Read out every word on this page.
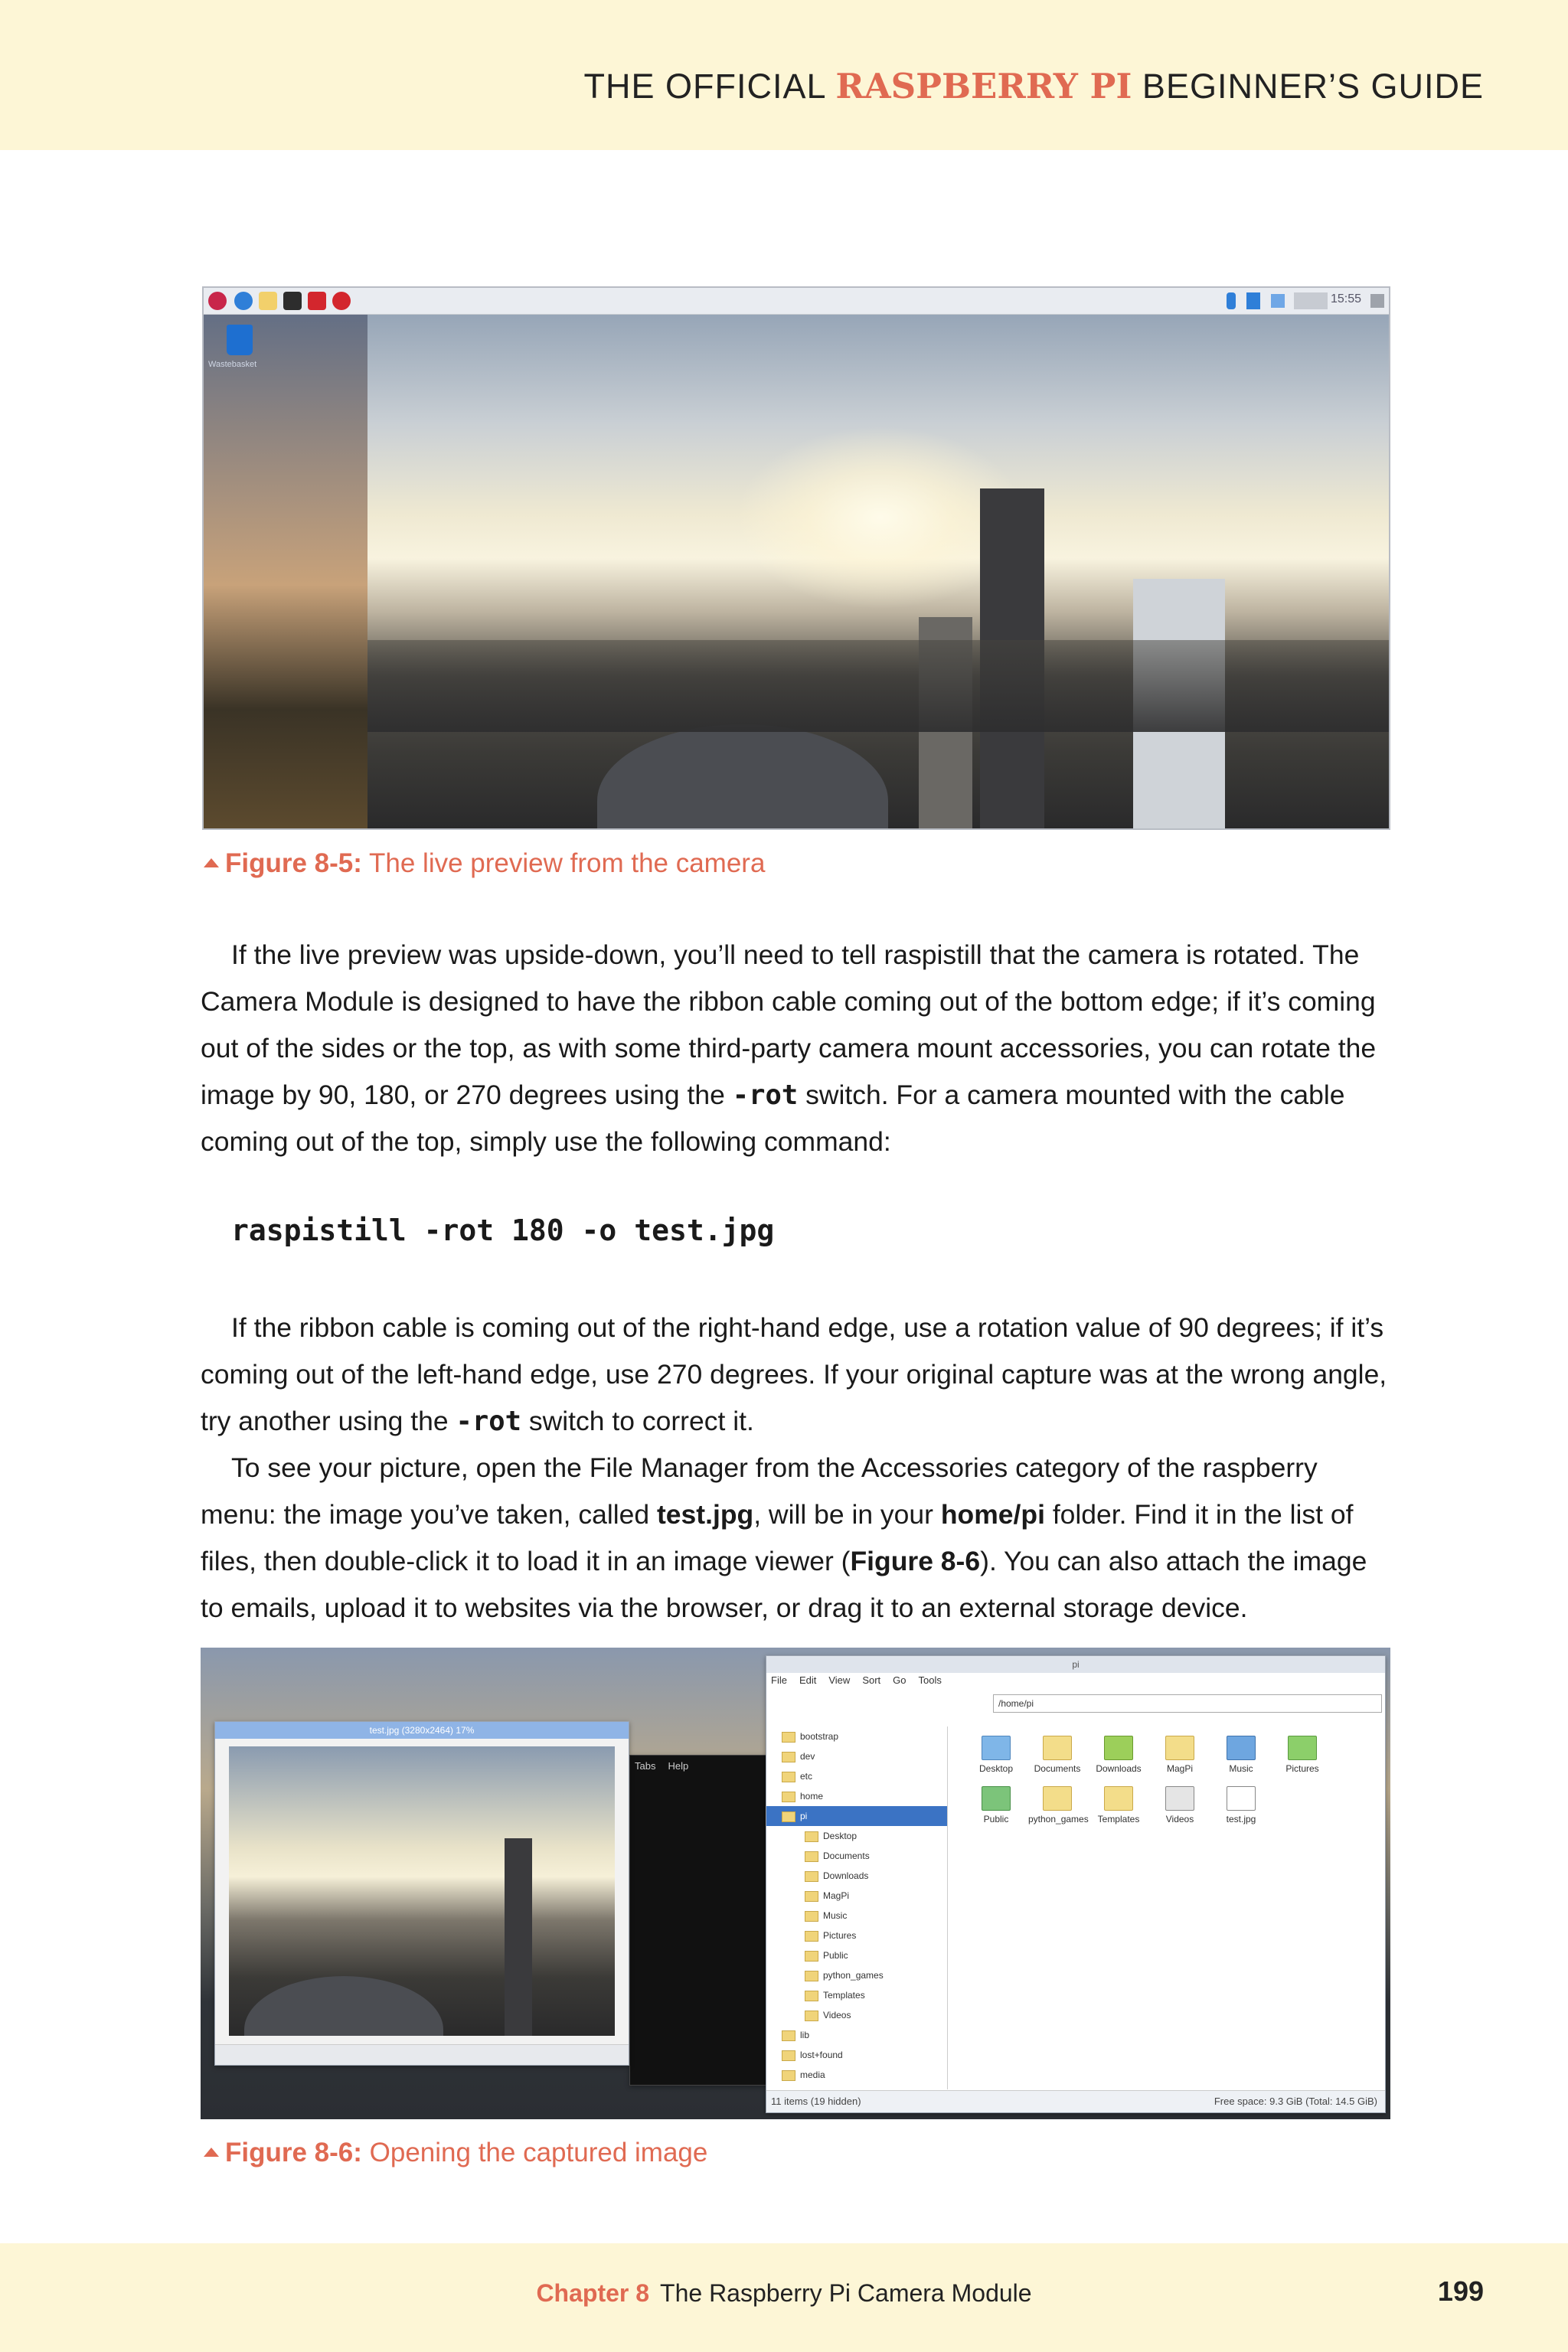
THE OFFICIAL RASPBERRY PI BEGINNER’S GUIDE
15:55
Wastebasket
Figure 8-5: The live preview from the camera

If the live preview was upside-down, you’ll need to tell raspistill that the camera is rotated. The Camera Module is designed to have the ribbon cable coming out of the bottom edge; if it’s coming out of the sides or the top, as with some third-party camera mount accessories, you can rotate the image by 90, 180, or 270 degrees using the -rot switch. For a camera mounted with the cable coming out of the top, simply use the following command:

raspistill -rot 180 -o test.jpg

If the ribbon cable is coming out of the right-hand edge, use a rotation value of 90 degrees; if it’s coming out of the left-hand edge, use 270 degrees. If your original capture was at the wrong angle, try another using the -rot switch to correct it.

To see your picture, open the File Manager from the Accessories category of the raspberry menu: the image you’ve taken, called test.jpg, will be in your home/pi folder. Find it in the list of files, then double-click it to load it in an image viewer (Figure 8-6). You can also attach the image to emails, upload it to websites via the browser, or drag it to an external storage device.

Tabs Help
test.jpg (3280x2464) 17%
pi
File Edit View Sort Go Tools
/home/pi
bootstrap
dev
etc
home
pi
Desktop
Documents
Downloads
MagPi
Music
Pictures
Public
python_games
Templates
Videos
lib
lost+found
media
Desktop	Documents	Downloads	MagPi	Music	Pictures
Public	python_games Templates	Videos	test.jpg
11 items (19 hidden)	Free space: 9.3 GiB (Total: 14.5 GiB)
Figure 8-6: Opening the captured image
Chapter 8 The Raspberry Pi Camera Module	199
